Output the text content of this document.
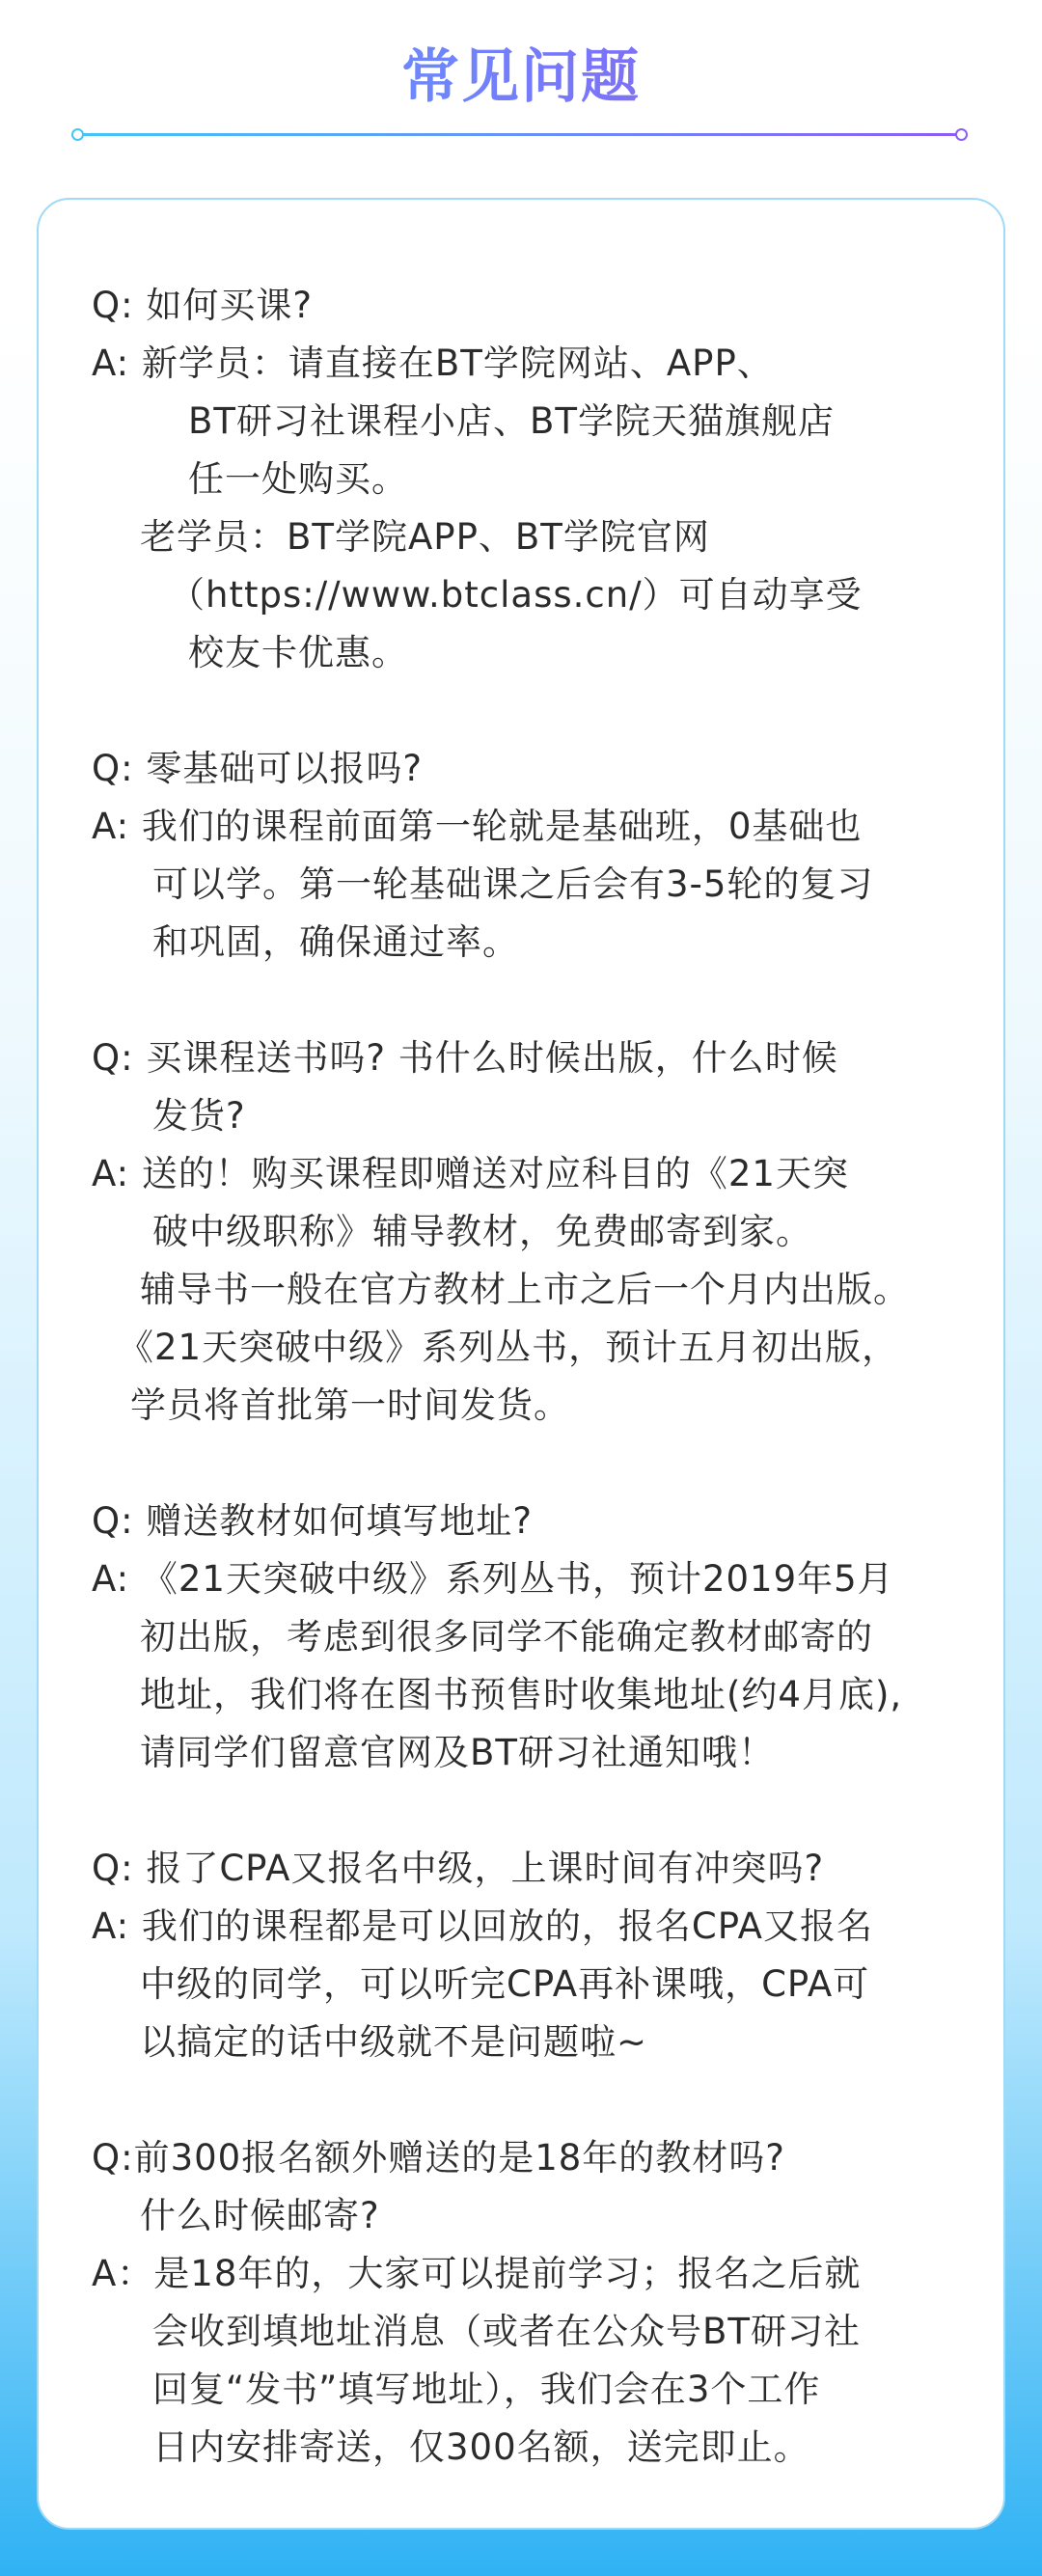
常见问题
Q: 如何买课?
A: 新学员：请直接在BT学院网站、APP、
BT研习社课程小店、BT学院天猫旗舰店
任一处购买。
老学员：BT学院APP、BT学院官网
（https://www.btclass.cn/）可自动享受
校友卡优惠。
Q: 零基础可以报吗?
A: 我们的课程前面第一轮就是基础班，0基础也
可以学。第一轮基础课之后会有3-5轮的复习
和巩固，确保通过率。
Q: 买课程送书吗? 书什么时候出版，什么时候
发货?
A: 送的！购买课程即赠送对应科目的《21天突
破中级职称》辅导教材，免费邮寄到家。
辅导书一般在官方教材上市之后一个月内出版。
《21天突破中级》系列丛书，预计五月初出版，
学员将首批第一时间发货。
Q: 赠送教材如何填写地址?
A: 《21天突破中级》系列丛书，预计2019年5月
初出版，考虑到很多同学不能确定教材邮寄的
地址，我们将在图书预售时收集地址(约4月底),
请同学们留意官网及BT研习社通知哦！
Q: 报了CPA又报名中级，上课时间有冲突吗?
A: 我们的课程都是可以回放的，报名CPA又报名
中级的同学，可以听完CPA再补课哦，CPA可
以搞定的话中级就不是问题啦~
Q:前300报名额外赠送的是18年的教材吗?
什么时候邮寄?
A：是18年的，大家可以提前学习；报名之后就
会收到填地址消息（或者在公众号BT研习社
回复“发书”填写地址），我们会在3个工作
日内安排寄送，仅300名额，送完即止。
